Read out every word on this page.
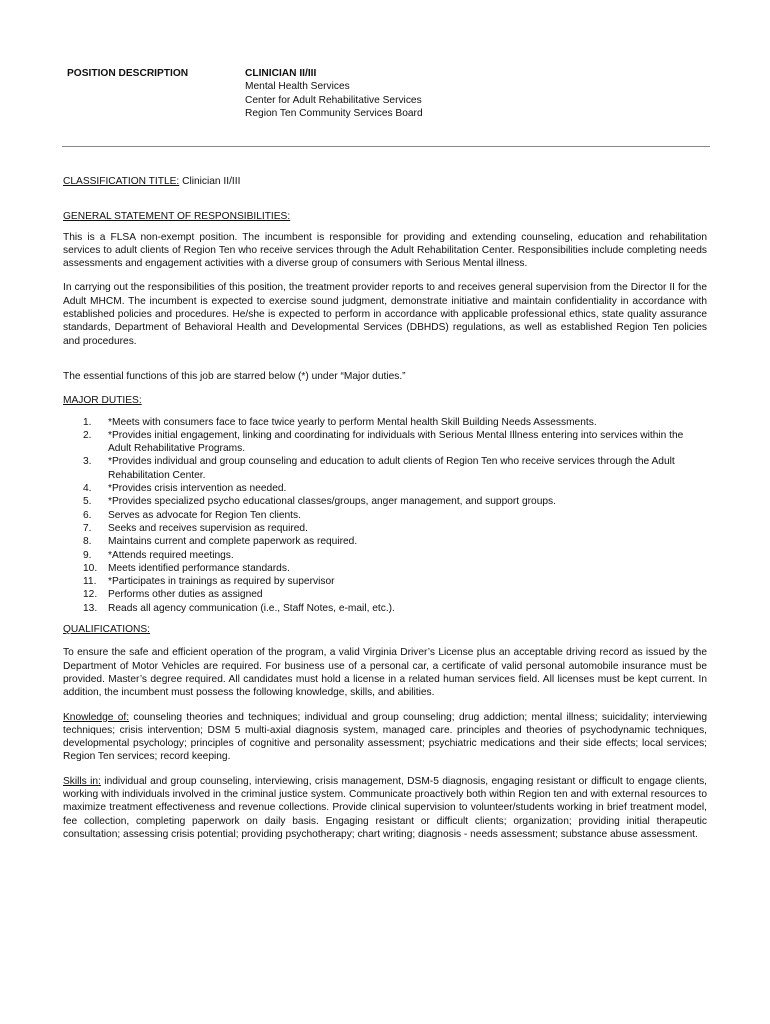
POSITION DESCRIPTION	CLINICIAN II/III
Mental Health Services
Center for Adult Rehabilitative Services
Region Ten Community Services Board
CLASSIFICATION TITLE: Clinician II/III
GENERAL STATEMENT OF RESPONSIBILITIES:

This is a FLSA non-exempt position. The incumbent is responsible for providing and extending counseling, education and rehabilitation services to adult clients of Region Ten who receive services through the Adult Rehabilitation Center. Responsibilities include completing needs assessments and engagement activities with a diverse group of consumers with Serious Mental illness.

In carrying out the responsibilities of this position, the treatment provider reports to and receives general supervision from the Director II for the Adult MHCM. The incumbent is expected to exercise sound judgment, demonstrate initiative and maintain confidentiality in accordance with established policies and procedures. He/she is expected to perform in accordance with applicable professional ethics, state quality assurance standards, Department of Behavioral Health and Developmental Services (DBHDS) regulations, as well as established Region Ten policies and procedures.

The essential functions of this job are starred below (*) under “Major duties.”

MAJOR DUTIES:
1.	*Meets with consumers face to face twice yearly to perform Mental health Skill Building Needs Assessments.
2.	*Provides initial engagement, linking and coordinating for individuals with Serious Mental Illness entering into services within the Adult Rehabilitative Programs.
3.	*Provides individual and group counseling and education to adult clients of Region Ten who receive services through the Adult Rehabilitation Center.
4.	*Provides crisis intervention as needed.
5.	*Provides specialized psycho educational classes/groups, anger management, and support groups.
6.	Serves as advocate for Region Ten clients.
7.	Seeks and receives supervision as required.
8.	Maintains current and complete paperwork as required.
9.	*Attends required meetings.
10.	Meets identified performance standards.
11.	*Participates in trainings as required by supervisor
12.	Performs other duties as assigned
13.	Reads all agency communication (i.e., Staff Notes, e-mail, etc.).
QUALIFICATIONS:

To ensure the safe and efficient operation of the program, a valid Virginia Driver’s License plus an acceptable driving record as issued by the Department of Motor Vehicles are required. For business use of a personal car, a certificate of valid personal automobile insurance must be provided. Master’s degree required. All candidates must hold a license in a related human services field. All licenses must be kept current. In addition, the incumbent must possess the following knowledge, skills, and abilities.

Knowledge of: counseling theories and techniques; individual and group counseling; drug addiction; mental illness; suicidality; interviewing techniques; crisis intervention; DSM 5 multi-axial diagnosis system, managed care. principles and theories of psychodynamic techniques, developmental psychology; principles of cognitive and personality assessment; psychiatric medications and their side effects; local services; Region Ten services; record keeping.

Skills in: individual and group counseling, interviewing, crisis management, DSM-5 diagnosis, engaging resistant or difficult to engage clients, working with individuals involved in the criminal justice system. Communicate proactively both within Region ten and with external resources to maximize treatment effectiveness and revenue collections. Provide clinical supervision to volunteer/students working in brief treatment model, fee collection, completing paperwork on daily basis. Engaging resistant or difficult clients; organization; providing initial therapeutic consultation; assessing crisis potential; providing psychotherapy; chart writing; diagnosis - needs assessment; substance abuse assessment.
